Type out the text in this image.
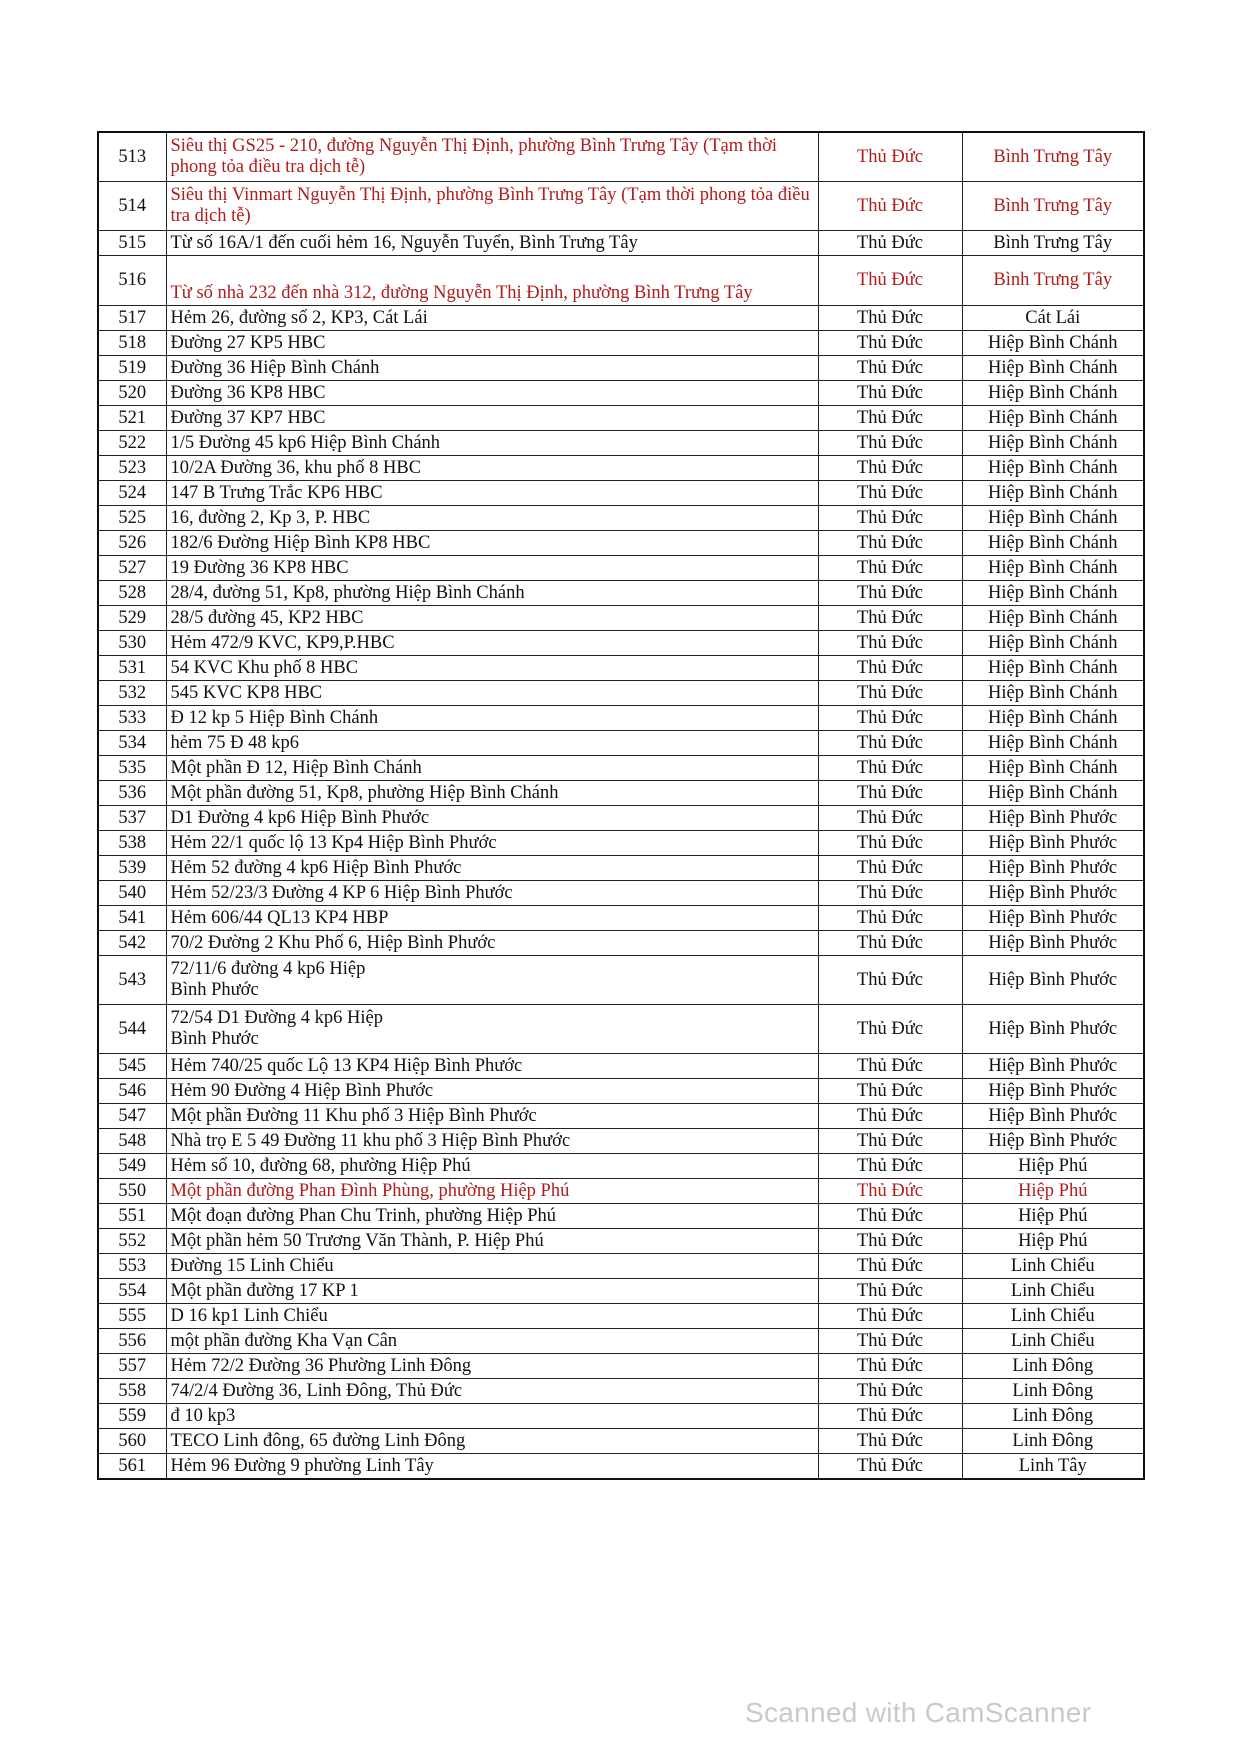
513	Siêu thị GS25 - 210, đường Nguyễn Thị Định, phường Bình Trưng Tây (Tạm thời phong tỏa điều tra dịch tễ)	Thủ Đức	Bình Trưng Tây
514	Siêu thị Vinmart Nguyễn Thị Định, phường Bình Trưng Tây (Tạm thời phong tỏa điều tra dịch tễ)	Thủ Đức	Bình Trưng Tây
515	Từ số 16A/1 đến cuối hẻm 16, Nguyễn Tuyển, Bình Trưng Tây	Thủ Đức	Bình Trưng Tây
516	Từ số nhà 232 đến nhà 312, đường Nguyễn Thị Định, phường Bình Trưng Tây	Thủ Đức	Bình Trưng Tây
517	Hẻm 26, đường số 2, KP3, Cát Lái	Thủ Đức	Cát Lái
518	Đường 27 KP5 HBC	Thủ Đức	Hiệp Bình Chánh
519	Đường 36 Hiệp Bình Chánh	Thủ Đức	Hiệp Bình Chánh
520	Đường 36 KP8 HBC	Thủ Đức	Hiệp Bình Chánh
521	Đường 37 KP7 HBC	Thủ Đức	Hiệp Bình Chánh
522	1/5 Đường 45 kp6 Hiệp Bình Chánh	Thủ Đức	Hiệp Bình Chánh
523	10/2A Đường 36, khu phố 8 HBC	Thủ Đức	Hiệp Bình Chánh
524	147 B Trưng Trắc KP6 HBC	Thủ Đức	Hiệp Bình Chánh
525	16, đường 2, Kp 3, P. HBC	Thủ Đức	Hiệp Bình Chánh
526	182/6 Đường Hiệp Bình KP8 HBC	Thủ Đức	Hiệp Bình Chánh
527	19 Đường 36 KP8 HBC	Thủ Đức	Hiệp Bình Chánh
528	28/4, đường 51, Kp8, phường Hiệp Bình Chánh	Thủ Đức	Hiệp Bình Chánh
529	28/5 đường 45, KP2 HBC	Thủ Đức	Hiệp Bình Chánh
530	Hẻm 472/9 KVC, KP9,P.HBC	Thủ Đức	Hiệp Bình Chánh
531	54 KVC Khu phố 8 HBC	Thủ Đức	Hiệp Bình Chánh
532	545 KVC KP8 HBC	Thủ Đức	Hiệp Bình Chánh
533	Đ 12 kp 5 Hiệp Bình Chánh	Thủ Đức	Hiệp Bình Chánh
534	hẻm 75 Đ 48 kp6	Thủ Đức	Hiệp Bình Chánh
535	Một phần Đ 12, Hiệp Bình Chánh	Thủ Đức	Hiệp Bình Chánh
536	Một phần đường 51, Kp8, phường Hiệp Bình Chánh	Thủ Đức	Hiệp Bình Chánh
537	D1 Đường 4 kp6 Hiệp Bình Phước	Thủ Đức	Hiệp Bình Phước
538	Hẻm 22/1 quốc lộ 13 Kp4 Hiệp Bình Phước	Thủ Đức	Hiệp Bình Phước
539	Hẻm 52 đường 4 kp6 Hiệp Bình Phước	Thủ Đức	Hiệp Bình Phước
540	Hẻm 52/23/3 Đường 4 KP 6 Hiệp Bình Phước	Thủ Đức	Hiệp Bình Phước
541	Hẻm 606/44 QL13 KP4 HBP	Thủ Đức	Hiệp Bình Phước
542	70/2 Đường 2 Khu Phố 6, Hiệp Bình Phước	Thủ Đức	Hiệp Bình Phước
543	72/11/6 đường 4 kp6 Hiệp
Bình Phước	Thủ Đức	Hiệp Bình Phước
544	72/54 D1 Đường 4 kp6 Hiệp
Bình Phước	Thủ Đức	Hiệp Bình Phước
545	Hẻm 740/25 quốc Lộ 13 KP4 Hiệp Bình Phước	Thủ Đức	Hiệp Bình Phước
546	Hẻm 90 Đường 4 Hiệp Bình Phước	Thủ Đức	Hiệp Bình Phước
547	Một phần Đường 11 Khu phố 3 Hiệp Bình Phước	Thủ Đức	Hiệp Bình Phước
548	Nhà trọ E 5 49 Đường 11 khu phố 3 Hiệp Bình Phước	Thủ Đức	Hiệp Bình Phước
549	Hẻm số 10, đường 68, phường Hiệp Phú	Thủ Đức	Hiệp Phú
550	Một phần đường Phan Đình Phùng, phường Hiệp Phú	Thủ Đức	Hiệp Phú
551	Một đoạn đường Phan Chu Trinh, phường Hiệp Phú	Thủ Đức	Hiệp Phú
552	Một phần hẻm 50 Trương Văn Thành, P. Hiệp Phú	Thủ Đức	Hiệp Phú
553	Đường 15 Linh Chiểu	Thủ Đức	Linh Chiểu
554	Một phần đường 17 KP 1	Thủ Đức	Linh Chiểu
555	D 16 kp1 Linh Chiểu	Thủ Đức	Linh Chiểu
556	một phần đường Kha Vạn Cân	Thủ Đức	Linh Chiểu
557	Hẻm 72/2 Đường 36 Phường Linh Đông	Thủ Đức	Linh Đông
558	74/2/4 Đường 36, Linh Đông, Thủ Đức	Thủ Đức	Linh Đông
559	đ 10 kp3	Thủ Đức	Linh Đông
560	TECO Linh đông, 65 đường Linh Đông	Thủ Đức	Linh Đông
561	Hẻm 96 Đường 9 phường Linh Tây	Thủ Đức	Linh Tây
Scanned with CamScanner
